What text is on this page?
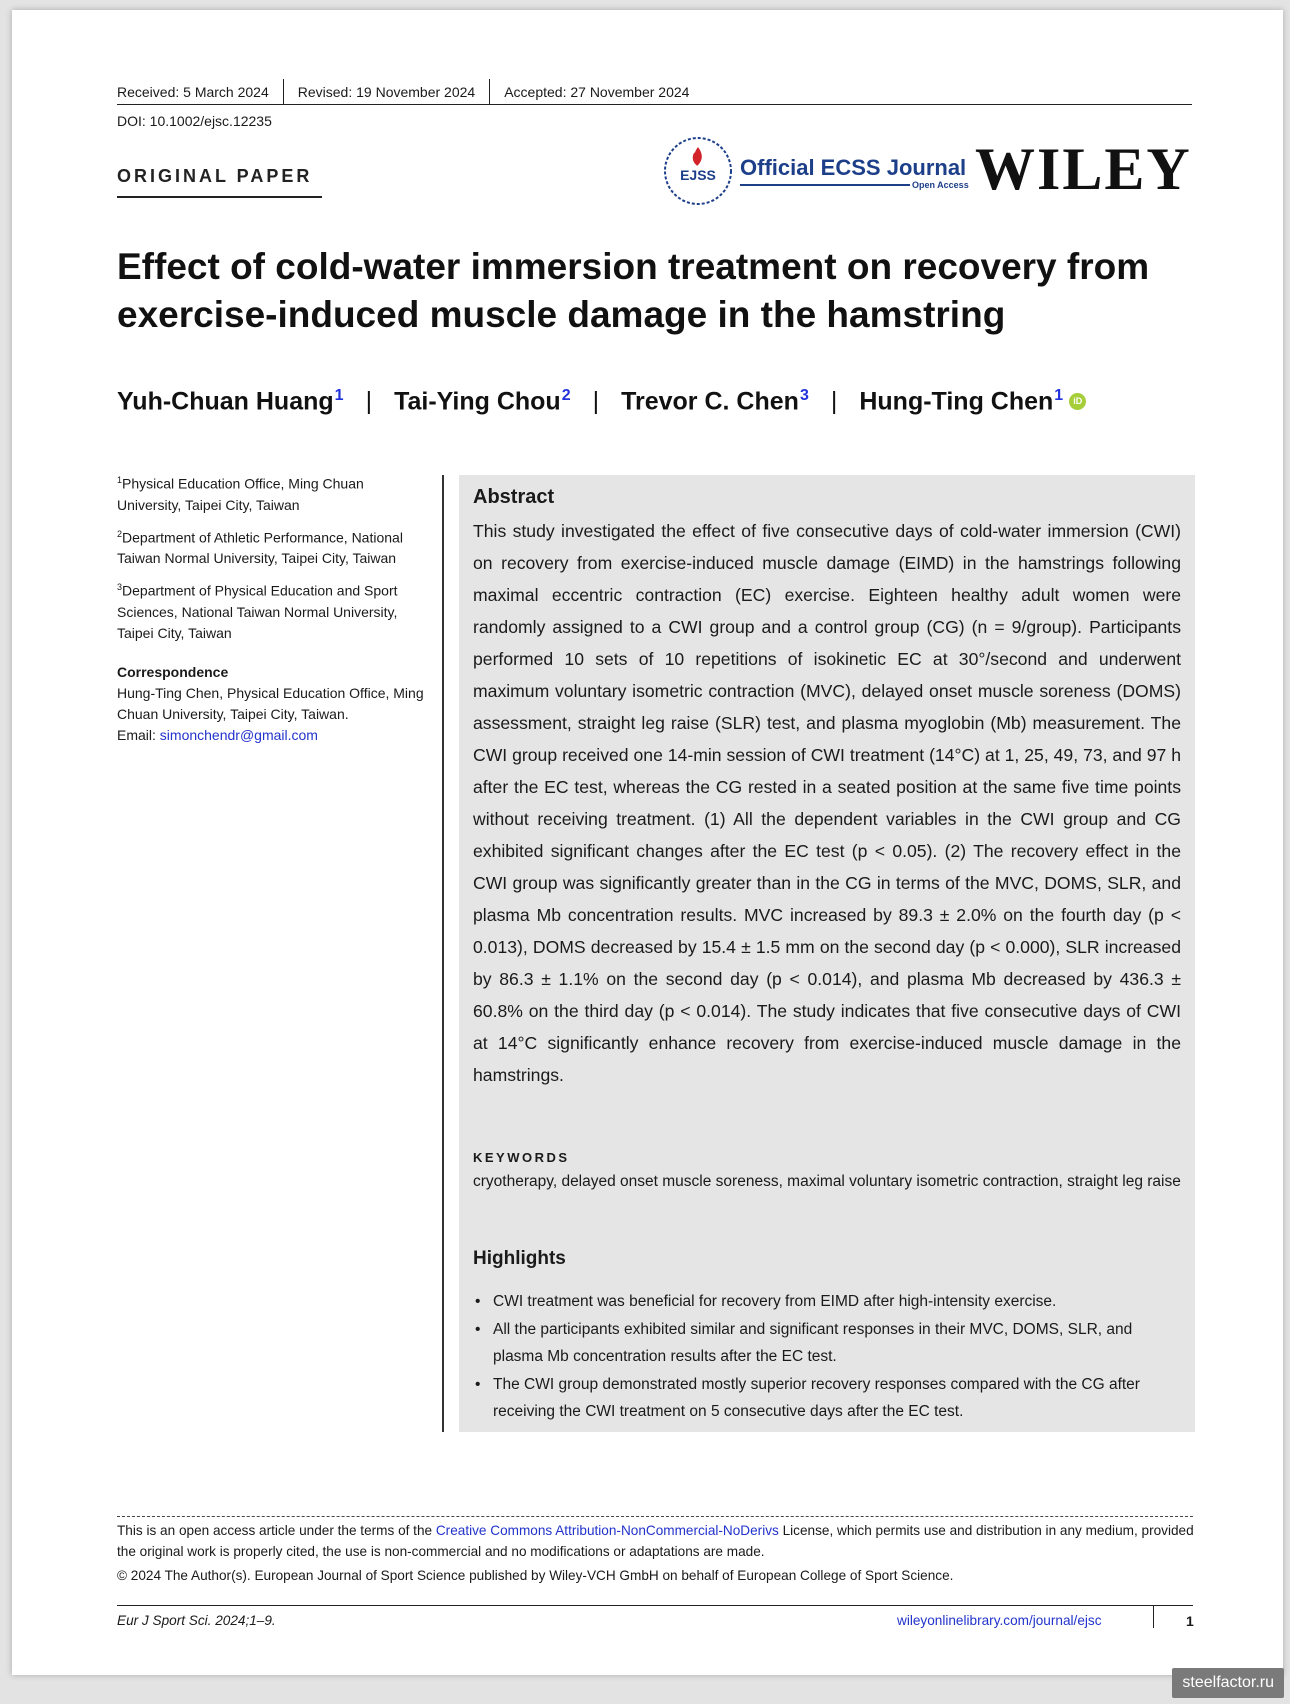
Received: 5 March 2024	Revised: 19 November 2024	Accepted: 27 November 2024
DOI: 10.1002/ejsc.12235
ORIGINAL PAPER	EJSS Official ECSS Journal
Open Access WILEY
Effect of cold-water immersion treatment on recovery from exercise-induced muscle damage in the hamstring
Yuh-Chuan Huang$^1$ | Tai-Ying Chou$^2$ | Trevor C. Chen$^3$ | Hung-Ting Chen$^1$	iD
$^1$Physical Education Office, Ming Chuan University, Taipei City, Taiwan
$^2$Department of Athletic Performance, National Taiwan Normal University, Taipei City, Taiwan
$^3$Department of Physical Education and Sport Sciences, National Taiwan Normal University, Taipei City, Taiwan
Correspondence
Hung-Ting Chen, Physical Education Office, Ming Chuan University, Taipei City, Taiwan.
Email: simonchendr@gmail.com
Abstract
This study investigated the effect of five consecutive days of cold-water immersion (CWI) on recovery from exercise-induced muscle damage (EIMD) in the hamstrings following maximal eccentric contraction (EC) exercise. Eighteen healthy adult women were randomly assigned to a CWI group and a control group (CG) (n = 9/group). Participants performed 10 sets of 10 repetitions of isokinetic EC at 30°/second and underwent maximum voluntary isometric contraction (MVC), delayed onset muscle soreness (DOMS) assessment, straight leg raise (SLR) test, and plasma myoglobin (Mb) measurement. The CWI group received one 14-min session of CWI treatment (14°C) at 1, 25, 49, 73, and 97 h after the EC test, whereas the CG rested in a seated position at the same five time points without receiving treatment. (1) All the dependent variables in the CWI group and CG exhibited significant changes after the EC test (p < 0.05). (2) The recovery effect in the CWI group was significantly greater than in the CG in terms of the MVC, DOMS, SLR, and plasma Mb concentration results. MVC increased by 89.3 ± 2.0% on the fourth day (p < 0.013), DOMS decreased by 15.4 ± 1.5 mm on the second day (p < 0.000), SLR increased by 86.3 ± 1.1% on the second day (p < 0.014), and plasma Mb decreased by 436.3 ± 60.8% on the third day (p < 0.014). The study indicates that five consecutive days of CWI at 14°C significantly enhance recovery from exercise-induced muscle damage in the hamstrings.
KEYWORDS
cryotherapy, delayed onset muscle soreness, maximal voluntary isometric contraction, straight leg raise
Highlights
• CWI treatment was beneficial for recovery from EIMD after high-intensity exercise.
• All the participants exhibited similar and significant responses in their MVC, DOMS, SLR, and plasma Mb concentration results after the EC test.
• The CWI group demonstrated mostly superior recovery responses compared with the CG after receiving the CWI treatment on 5 consecutive days after the EC test.
This is an open access article under the terms of the Creative Commons Attribution-NonCommercial-NoDerivs License, which permits use and distribution in any medium, provided the original work is properly cited, the use is non-commercial and no modifications or adaptations are made.
© 2024 The Author(s). European Journal of Sport Science published by Wiley-VCH GmbH on behalf of European College of Sport Science.
Eur J Sport Sci. 2024;1–9.	wileyonlinelibrary.com/journal/ejsc	1
steelfactor.ru
